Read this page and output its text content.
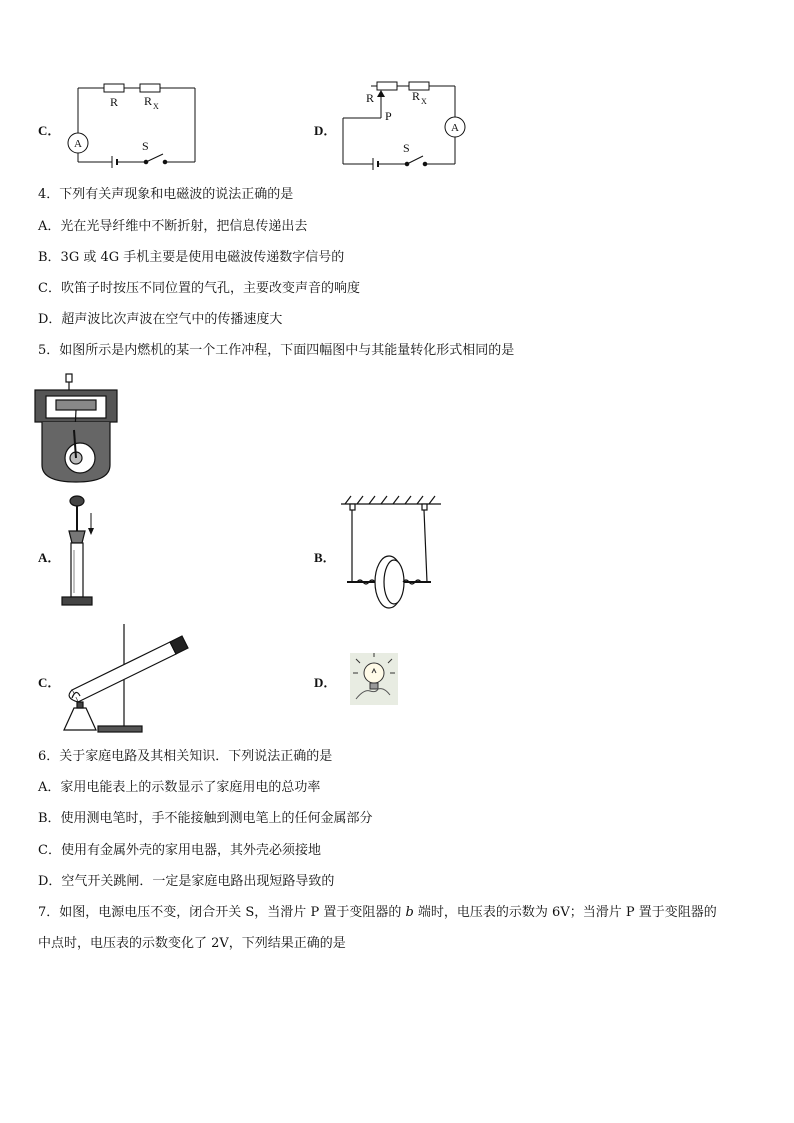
C．
R R X
A	S
D．
R
P
R X
A
S
4．下列有关声现象和电磁波的说法正确的是
A．光在光导纤维中不断折射，把信息传递出去
B．3G 或 4G 手机主要是使用电磁波传递数字信号的
C．吹笛子时按压不同位置的气孔，主要改变声音的响度
D．超声波比次声波在空气中的传播速度大
5．如图所示是内燃机的某一个工作冲程，下面四幅图中与其能量转化形式相同的是
A．	B．
C．	D．
6．关于家庭电路及其相关知识．下列说法正确的是
A．家用电能表上的示数显示了家庭用电的总功率
B．使用测电笔时，手不能接触到测电笔上的任何金属部分
C．使用有金属外壳的家用电器，其外壳必须接地
D．空气开关跳闸．一定是家庭电路出现短路导致的
7．如图，电源电压不变，闭合开关 S，当滑片 P 置于变阻器的 b 端时，电压表的示数为 6V；当滑片 P 置于变阻器的
中点时，电压表的示数变化了 2V，下列结果正确的是
